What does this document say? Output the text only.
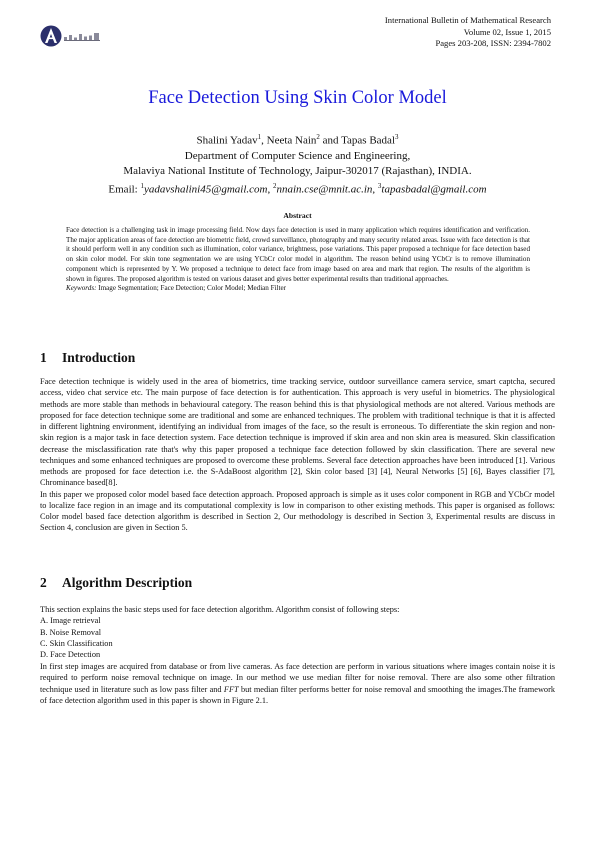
International Bulletin of Mathematical Research
Volume 02, Issue 1, 2015
Pages 203-208, ISSN: 2394-7802
Face Detection Using Skin Color Model
Shalini Yadav$^1$, Neeta Nain$^2$ and Tapas Badal$^3$
Department of Computer Science and Engineering,
Malaviya National Institute of Technology, Jaipur-302017 (Rajasthan), INDIA.
Email: $^1$yadavshalini45@gmail.com, $^2$nnain.cse@mnit.ac.in, $^3$tapasbadal@gmail.com
Abstract
Face detection is a challenging task in image processing field. Now days face detection is used in many application which requires identification and verification. The major application areas of face detection are biometric field, crowd surveillance, photography and many security related areas. Issue with face detection is that it should perform well in any condition such as illumination, color variance, brightness, pose variations. This paper proposed a technique for face detection based on skin color model. For skin tone segmentation we are using YCbCr color model in algorithm. The reason behind using YCbCr is to remove illumination component which is represented by Y. We proposed a technique to detect face from image based on area and mark that region. The results of the algorithm is shown in figures. The proposed algorithm is tested on various dataset and gives better experimental results than traditional approaches.
Keywords: Image Segmentation; Face Detection; Color Model; Median Filter
1 Introduction

Face detection technique is widely used in the area of biometrics, time tracking service, outdoor surveillance camera service, smart captcha, secured access, video chat service etc. The main purpose of face detection is for authentication. This approach is very useful in biometrics. The physiological methods are more stable than methods in behavioural category. The reason behind this is that physiological methods are not altered. Various methods are proposed for face detection technique some are traditional and some are enhanced techniques. The problem with traditional technique is that it is affected in different lightning environment, identifying an individual from images of the face, so the result is erroneous. To differentiate the skin region and non-skin region is a major task in face detection system. Face detection technique is improved if skin area and non skin area is measured. Skin classification decrease the misclassification rate that's why this paper proposed a technique face detection followed by skin classification. There are several new techniques and some enhanced techniques are proposed to overcome these problems. Several face detection approaches have been introduced [1]. Various methods are proposed for face detection i.e. the S-AdaBoost algorithm [2], Skin color based [3] [4], Neural Networks [5] [6], Bayes classifier [7], Chrominance based[8].

In this paper we proposed color model based face detection approach. Proposed approach is simple as it uses color component in RGB and YCbCr model to localize face region in an image and its computational complexity is low in comparison to other existing methods. This paper is organised as follows: Color model based face detection algorithm is described in Section 2, Our methodology is described in Section 3, Experimental results are discuss in Section 4, conclusion are given in Section 5.

2 Algorithm Description
This section explains the basic steps used for face detection algorithm. Algorithm consist of following steps:
A. Image retrieval
B. Noise Removal
C. Skin Classification
D. Face Detection

In first step images are acquired from database or from live cameras. As face detection are perform in various situations where images contain noise it is required to perform noise removal technique on image. In our method we use median filter for noise removal. There are also some other filtration technique used in literature such as low pass filter and FFT but median filter performs better for noise removal and smoothing the images.The framework of face detection algorithm used in this paper is shown in Figure 2.1.
